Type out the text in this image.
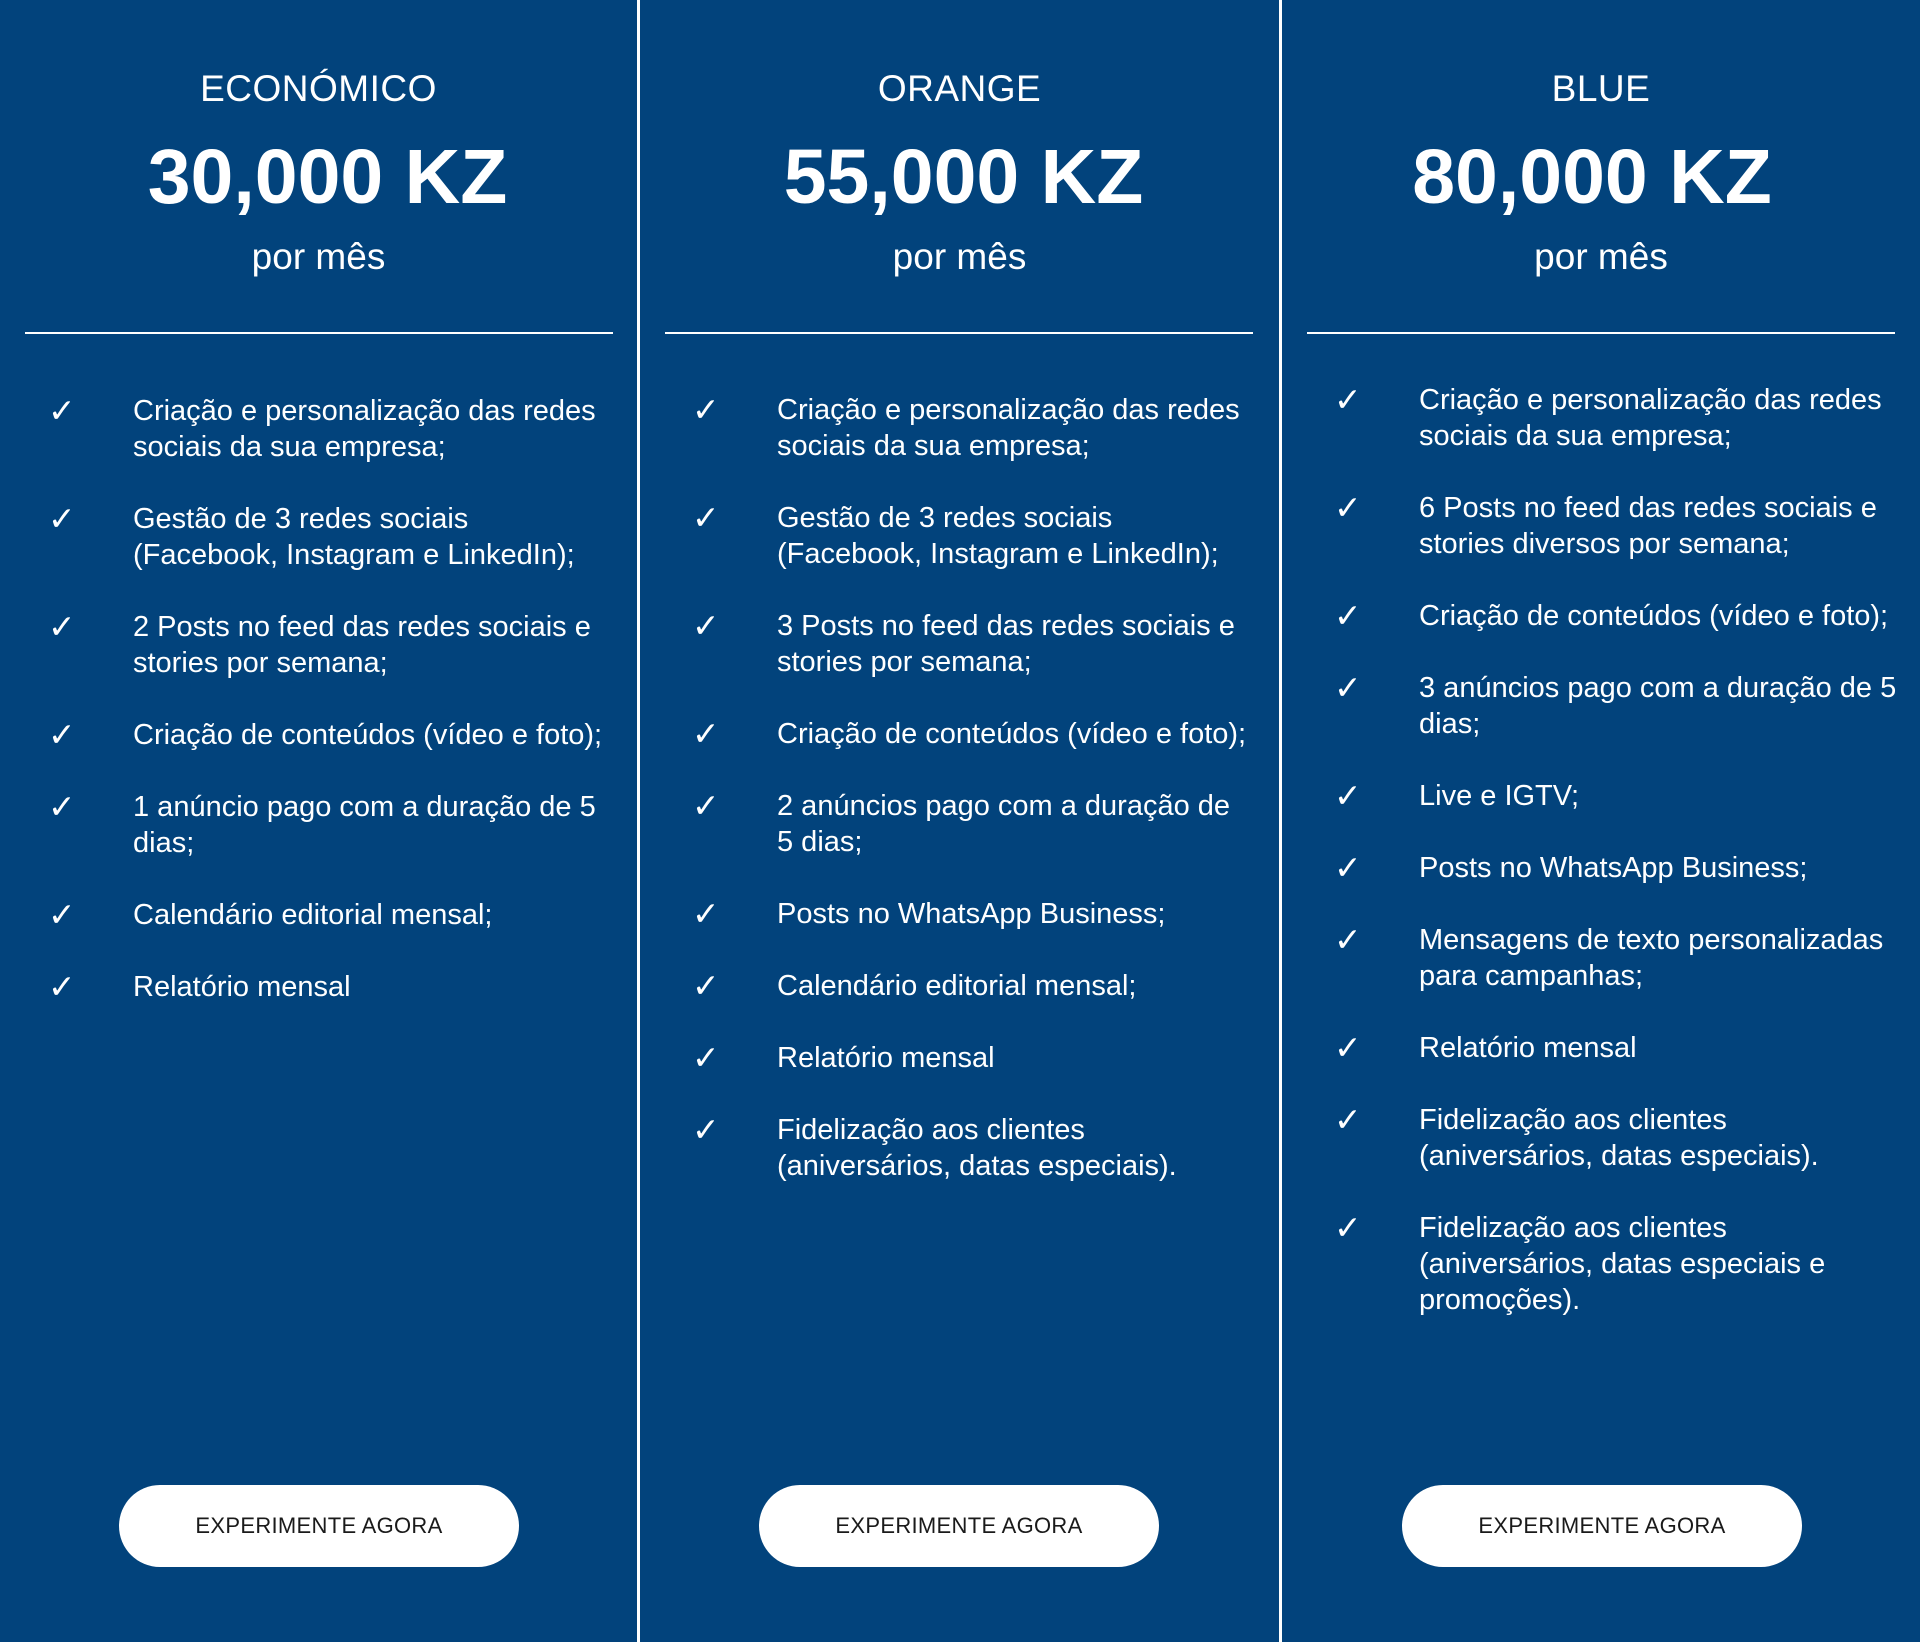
ECONÓMICO
30,000 KZ
por mês
✓ Criação e personalização das redes sociais da sua empresa;
✓ Gestão de 3 redes sociais (Facebook, Instagram e LinkedIn);
✓ 2 Posts no feed das redes sociais e stories por semana;
✓ Criação de conteúdos (vídeo e foto);
✓ 1 anúncio pago com a duração de 5 dias;
✓ Calendário editorial mensal;
✓ Relatório mensal
EXPERIMENTE AGORA
ORANGE
55,000 KZ
por mês
✓ Criação e personalização das redes sociais da sua empresa;
✓ Gestão de 3 redes sociais (Facebook, Instagram e LinkedIn);
✓ 3 Posts no feed das redes sociais e stories por semana;
✓ Criação de conteúdos (vídeo e foto);
✓ 2 anúncios pago com a duração de 5 dias;
✓ Posts no WhatsApp Business;
✓ Calendário editorial mensal;
✓ Relatório mensal
✓ Fidelização aos clientes (aniversários, datas especiais).
EXPERIMENTE AGORA
BLUE
80,000 KZ
por mês
✓ Criação e personalização das redes sociais da sua empresa;
✓ 6 Posts no feed das redes sociais e stories diversos por semana;
✓ Criação de conteúdos (vídeo e foto);
✓ 3 anúncios pago com a duração de 5 dias;
✓ Live e IGTV;
✓ Posts no WhatsApp Business;
✓ Mensagens de texto personalizadas para campanhas;
✓ Relatório mensal
✓ Fidelização aos clientes (aniversários, datas especiais).
✓ Fidelização aos clientes (aniversários, datas especiais e promoções).
EXPERIMENTE AGORA
